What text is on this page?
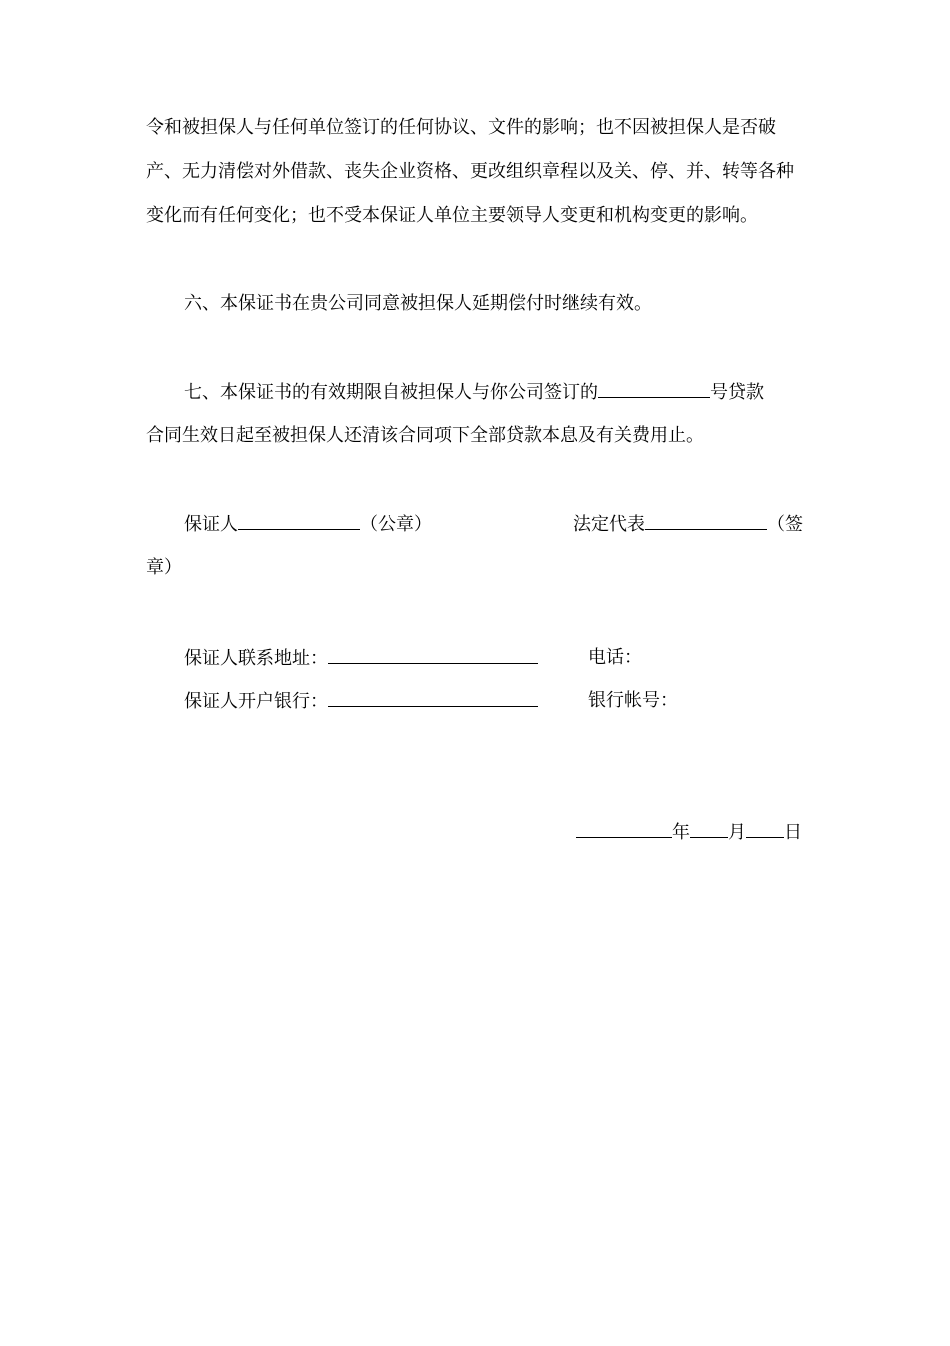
令和被担保人与任何单位签订的任何协议、文件的影响；也不因被担保人是否破
产、无力清偿对外借款、丧失企业资格、更改组织章程以及关、停、并、转等各种
变化而有任何变化；也不受本保证人单位主要领导人变更和机构变更的影响。
六、本保证书在贵公司同意被担保人延期偿付时继续有效。
七、本保证书的有效期限自被担保人与你公司签订的	号贷款
合同生效日起至被担保人还清该合同项下全部贷款本息及有关费用止。
保证人	（公章）	法定代表	（签
章）
保证人联系地址：	电话：
保证人开户银行：	银行帐号：
年 月 日
